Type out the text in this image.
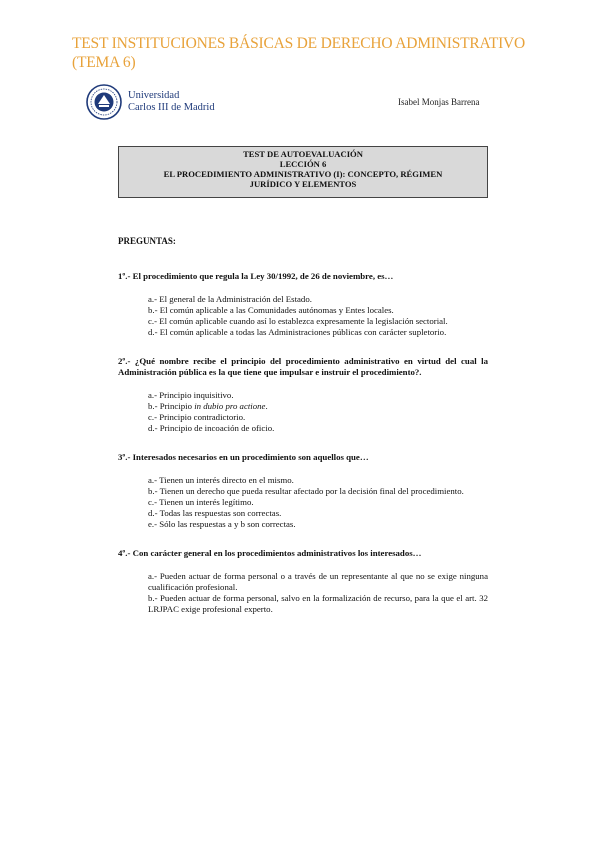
TEST INSTITUCIONES BÁSICAS DE DERECHO ADMINISTRATIVO (TEMA 6)
Universidad
Carlos III de Madrid	Isabel Monjas Barrena
TEST DE AUTOEVALUACIÓN
LECCIÓN 6
EL PROCEDIMIENTO ADMINISTRATIVO (I): CONCEPTO, RÉGIMEN
JURÍDICO Y ELEMENTOS
PREGUNTAS:
1º.- El procedimiento que regula la Ley 30/1992, de 26 de noviembre, es…
a.- El general de la Administración del Estado.
b.- El común aplicable a las Comunidades autónomas y Entes locales.
c.- El común aplicable cuando así lo establezca expresamente la legislación sectorial.
d.- El común aplicable a todas las Administraciones públicas con carácter supletorio.
2º.- ¿Qué nombre recibe el principio del procedimiento administrativo en virtud del cual la Administración pública es la que tiene que impulsar e instruir el procedimiento?.
a.- Principio inquisitivo.
b.- Principio in dubio pro actione.
c.- Principio contradictorio.
d.- Principio de incoación de oficio.
3º.- Interesados necesarios en un procedimiento son aquellos que…
a.- Tienen un interés directo en el mismo.
b.- Tienen un derecho que pueda resultar afectado por la decisión final del procedimiento.
c.- Tienen un interés legítimo.
d.- Todas las respuestas son correctas.
e.- Sólo las respuestas a y b son correctas.
4º.- Con carácter general en los procedimientos administrativos los interesados…
a.- Pueden actuar de forma personal o a través de un representante al que no se exige ninguna cualificación profesional.
b.- Pueden actuar de forma personal, salvo en la formalización de recurso, para la que el art. 32 LRJPAC exige profesional experto.
